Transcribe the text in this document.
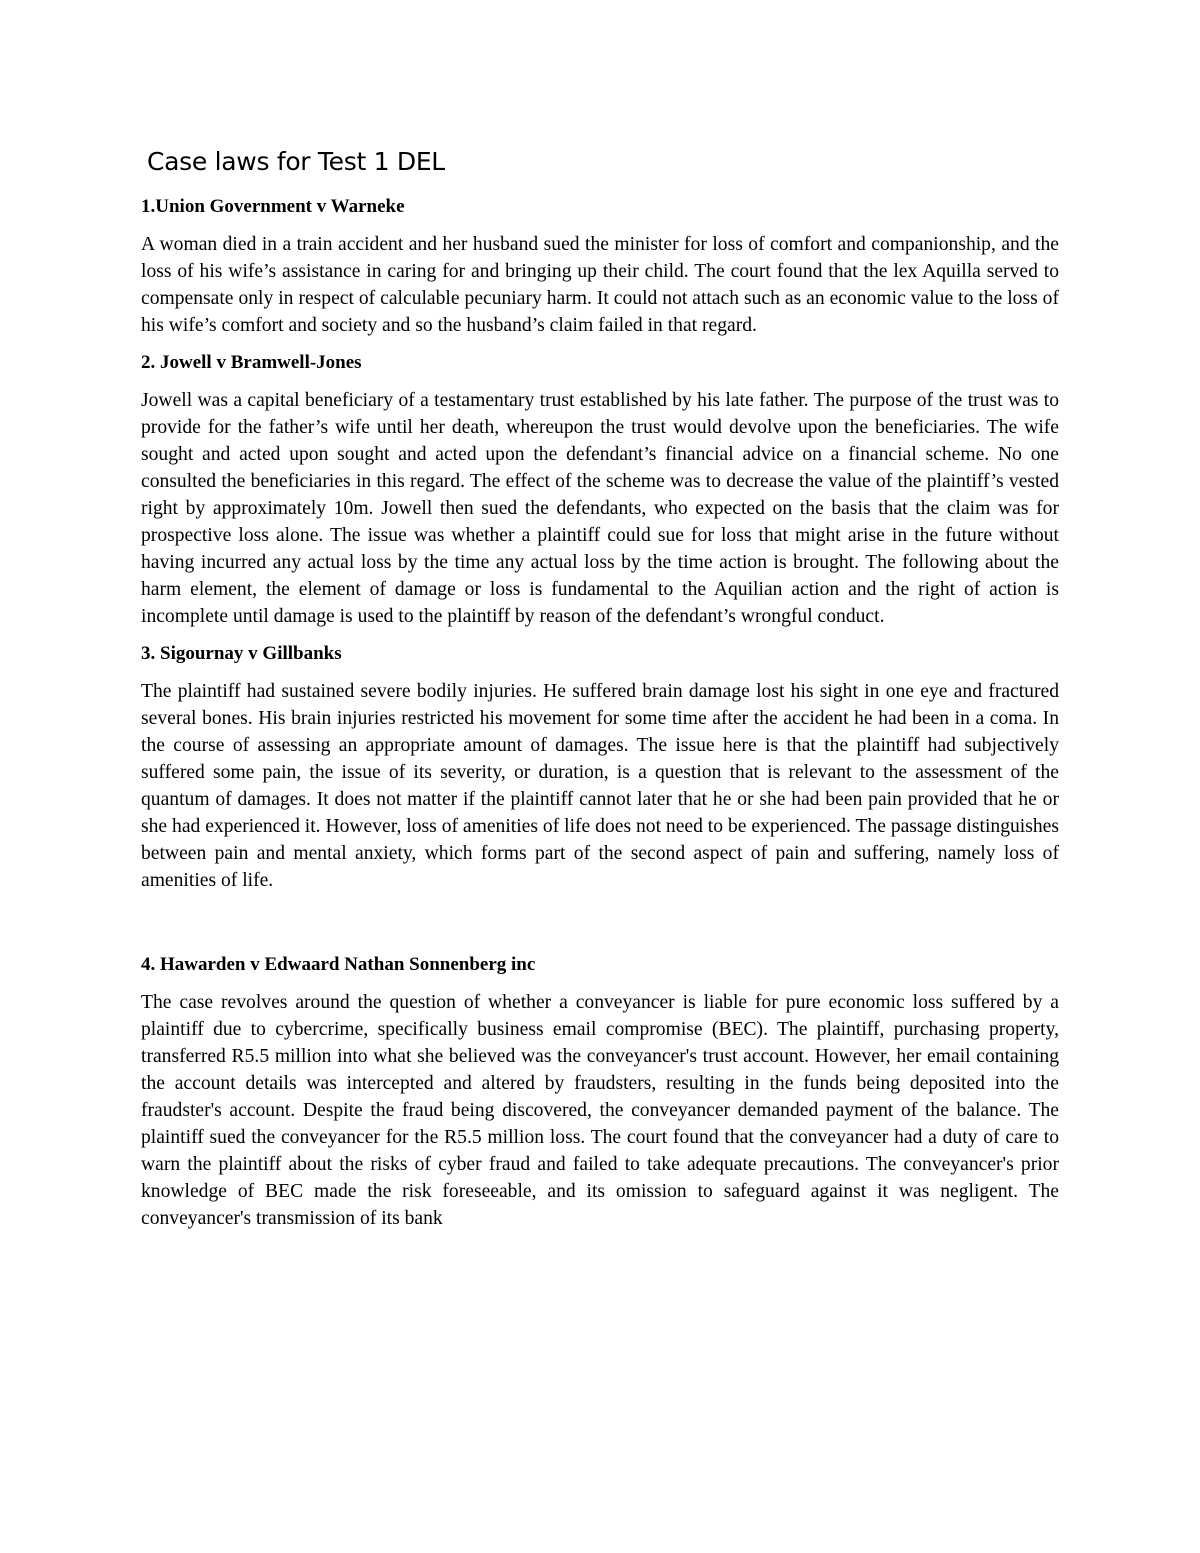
Case laws for Test 1 DEL
1.Union Government v Warneke

A woman died in a train accident and her husband sued the minister for loss of comfort and companionship, and the loss of his wife’s assistance in caring for and bringing up their child. The court found that the lex Aquilla served to compensate only in respect of calculable pecuniary harm. It could not attach such as an economic value to the loss of his wife’s comfort and society and so the husband’s claim failed in that regard.

2. Jowell v Bramwell-Jones

Jowell was a capital beneficiary of a testamentary trust established by his late father. The purpose of the trust was to provide for the father’s wife until her death, whereupon the trust would devolve upon the beneficiaries. The wife sought and acted upon sought and acted upon the defendant’s financial advice on a financial scheme. No one consulted the beneficiaries in this regard. The effect of the scheme was to decrease the value of the plaintiff’s vested right by approximately 10m. Jowell then sued the defendants, who expected on the basis that the claim was for prospective loss alone. The issue was whether a plaintiff could sue for loss that might arise in the future without having incurred any actual loss by the time any actual loss by the time action is brought. The following about the harm element, the element of damage or loss is fundamental to the Aquilian action and the right of action is incomplete until damage is used to the plaintiff by reason of the defendant’s wrongful conduct.

3. Sigournay v Gillbanks

The plaintiff had sustained severe bodily injuries. He suffered brain damage lost his sight in one eye and fractured several bones. His brain injuries restricted his movement for some time after the accident he had been in a coma. In the course of assessing an appropriate amount of damages. The issue here is that the plaintiff had subjectively suffered some pain, the issue of its severity, or duration, is a question that is relevant to the assessment of the quantum of damages. It does not matter if the plaintiff cannot later that he or she had been pain provided that he or she had experienced it. However, loss of amenities of life does not need to be experienced. The passage distinguishes between pain and mental anxiety, which forms part of the second aspect of pain and suffering, namely loss of amenities of life.

4. Hawarden v Edwaard Nathan Sonnenberg inc

The case revolves around the question of whether a conveyancer is liable for pure economic loss suffered by a plaintiff due to cybercrime, specifically business email compromise (BEC). The plaintiff, purchasing property, transferred R5.5 million into what she believed was the conveyancer's trust account. However, her email containing the account details was intercepted and altered by fraudsters, resulting in the funds being deposited into the fraudster's account. Despite the fraud being discovered, the conveyancer demanded payment of the balance. The plaintiff sued the conveyancer for the R5.5 million loss. The court found that the conveyancer had a duty of care to warn the plaintiff about the risks of cyber fraud and failed to take adequate precautions. The conveyancer's prior knowledge of BEC made the risk foreseeable, and its omission to safeguard against it was negligent. The conveyancer's transmission of its bank
